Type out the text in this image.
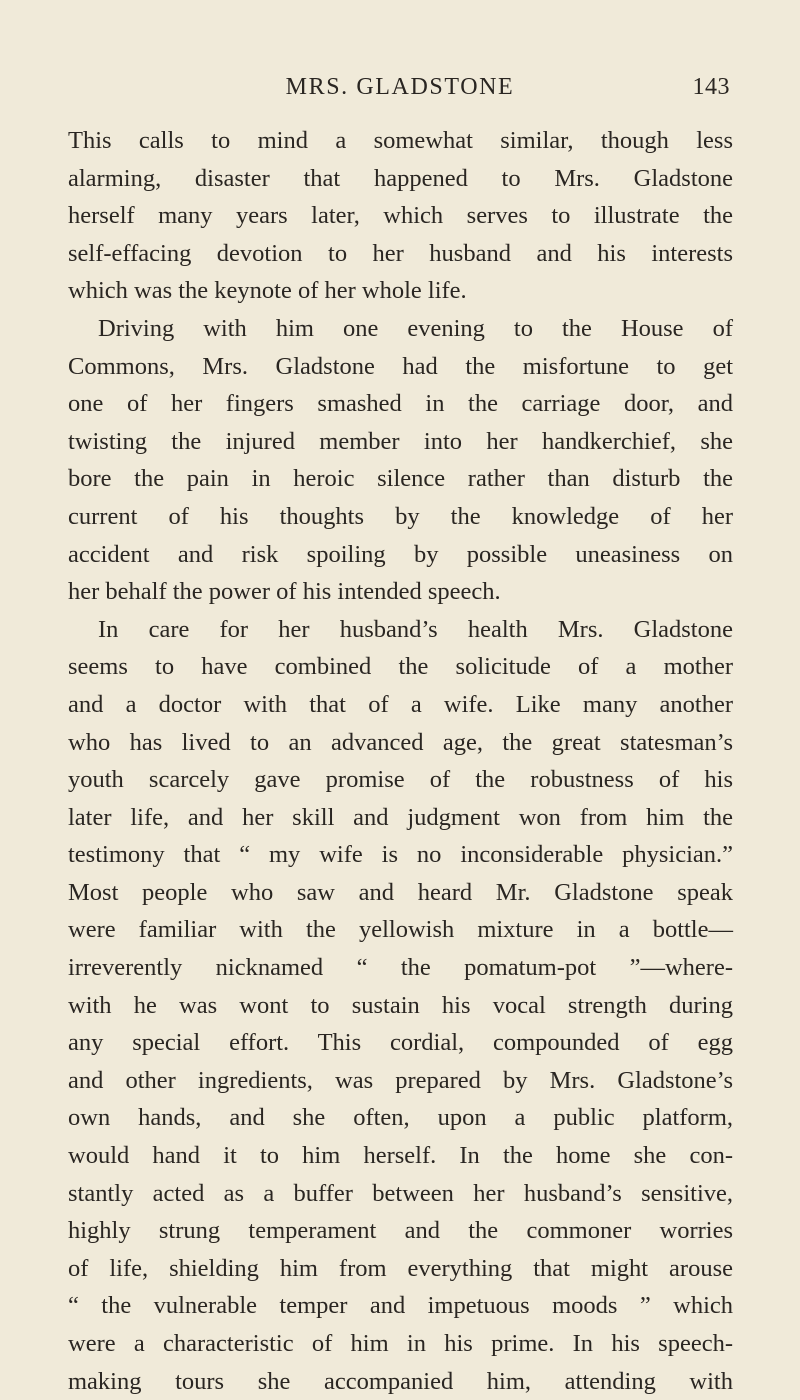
MRS. GLADSTONE	143
This calls to mind a somewhat similar, though less
alarming, disaster that happened to Mrs. Gladstone
herself many years later, which serves to illustrate the
self-effacing devotion to her husband and his interests
which was the keynote of her whole life.
Driving with him one evening to the House of
Commons, Mrs. Gladstone had the misfortune to get
one of her fingers smashed in the carriage door, and
twisting the injured member into her handkerchief, she
bore the pain in heroic silence rather than disturb the
current of his thoughts by the knowledge of her
accident and risk spoiling by possible uneasiness on
her behalf the power of his intended speech.
In care for her husband’s health Mrs. Gladstone
seems to have combined the solicitude of a mother
and a doctor with that of a wife. Like many another
who has lived to an advanced age, the great statesman’s
youth scarcely gave promise of the robustness of his
later life, and her skill and judgment won from him the
testimony that “ my wife is no inconsiderable physician.”
Most people who saw and heard Mr. Gladstone speak
were familiar with the yellowish mixture in a bottle—
irreverently nicknamed “ the pomatum-pot ”—where-
with he was wont to sustain his vocal strength during
any special effort. This cordial, compounded of egg
and other ingredients, was prepared by Mrs. Gladstone’s
own hands, and she often, upon a public platform,
would hand it to him herself. In the home she con-
stantly acted as a buffer between her husband’s sensitive,
highly strung temperament and the commoner worries
of life, shielding him from everything that might arouse
“ the vulnerable temper and impetuous moods ” which
were a characteristic of him in his prime. In his speech-
making tours she accompanied him, attending with
